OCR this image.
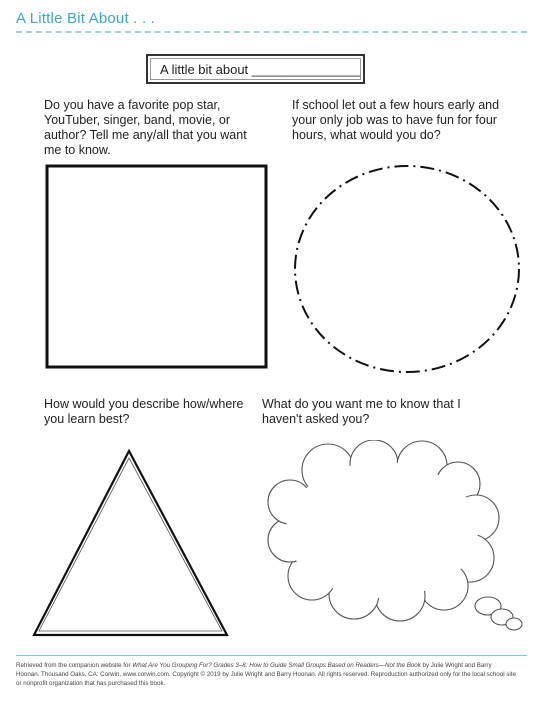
A Little Bit About . . .
A little bit about _______________
Do you have a favorite pop star, YouTuber, singer, band, movie, or author? Tell me any/all that you want me to know.
If school let out a few hours early and your only job was to have fun for four hours, what would you do?
How would you describe how/where you learn best?
What do you want me to know that I haven't asked you?
Retrieved from the companion website for What Are You Grouping For? Grades 3–8: How to Guide Small Groups Based on Readers—Not the Book by Julie Wright and Barry Hoonan. Thousand Oaks, CA: Corwin, www.corwin.com. Copyright © 2019 by Julie Wright and Barry Hoonan. All rights reserved. Reproduction authorized only for the local school site or nonprofit organization that has purchased this book.
